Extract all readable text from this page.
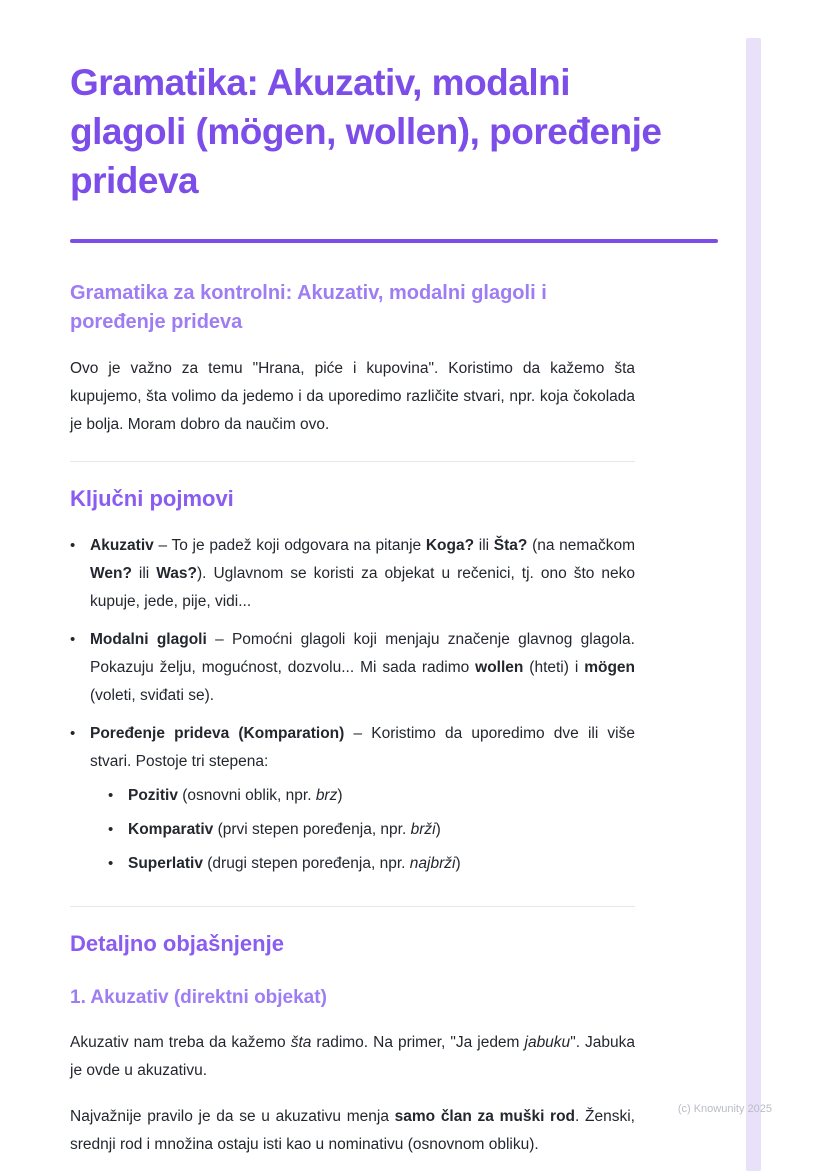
Gramatika: Akuzativ, modalni glagoli (mögen, wollen), poređenje prideva
Gramatika za kontrolni: Akuzativ, modalni glagoli i poređenje prideva

Ovo je važno za temu "Hrana, piće i kupovina". Koristimo da kažemo šta kupujemo, šta volimo da jedemo i da uporedimo različite stvari, npr. koja čokolada je bolja. Moram dobro da naučim ovo.

Ključni pojmovi
• Akuzativ – To je padež koji odgovara na pitanje Koga? ili Šta? (na nemačkom Wen? ili Was?). Uglavnom se koristi za objekat u rečenici, tj. ono što neko kupuje, jede, pije, vidi...
• Modalni glagoli – Pomoćni glagoli koji menjaju značenje glavnog glagola. Pokazuju želju, mogućnost, dozvolu... Mi sada radimo wollen (hteti) i mögen (voleti, sviđati se).
• Poređenje prideva (Komparation) – Koristimo da uporedimo dve ili više stvari. Postoje tri stepena:
• Pozitiv (osnovni oblik, npr. brz)
• Komparativ (prvi stepen poređenja, npr. brži)
• Superlativ (drugi stepen poređenja, npr. najbrži)
Detaljno objašnjenje
1. Akuzativ (direktni objekat)

Akuzativ nam treba da kažemo šta radimo. Na primer, "Ja jedem jabuku". Jabuka je ovde u akuzativu.

Najvažnije pravilo je da se u akuzativu menja samo član za muški rod. Ženski, srednji rod i množina ostaju isti kao u nominativu (osnovnom obliku).

(c) Knowunity 2025
